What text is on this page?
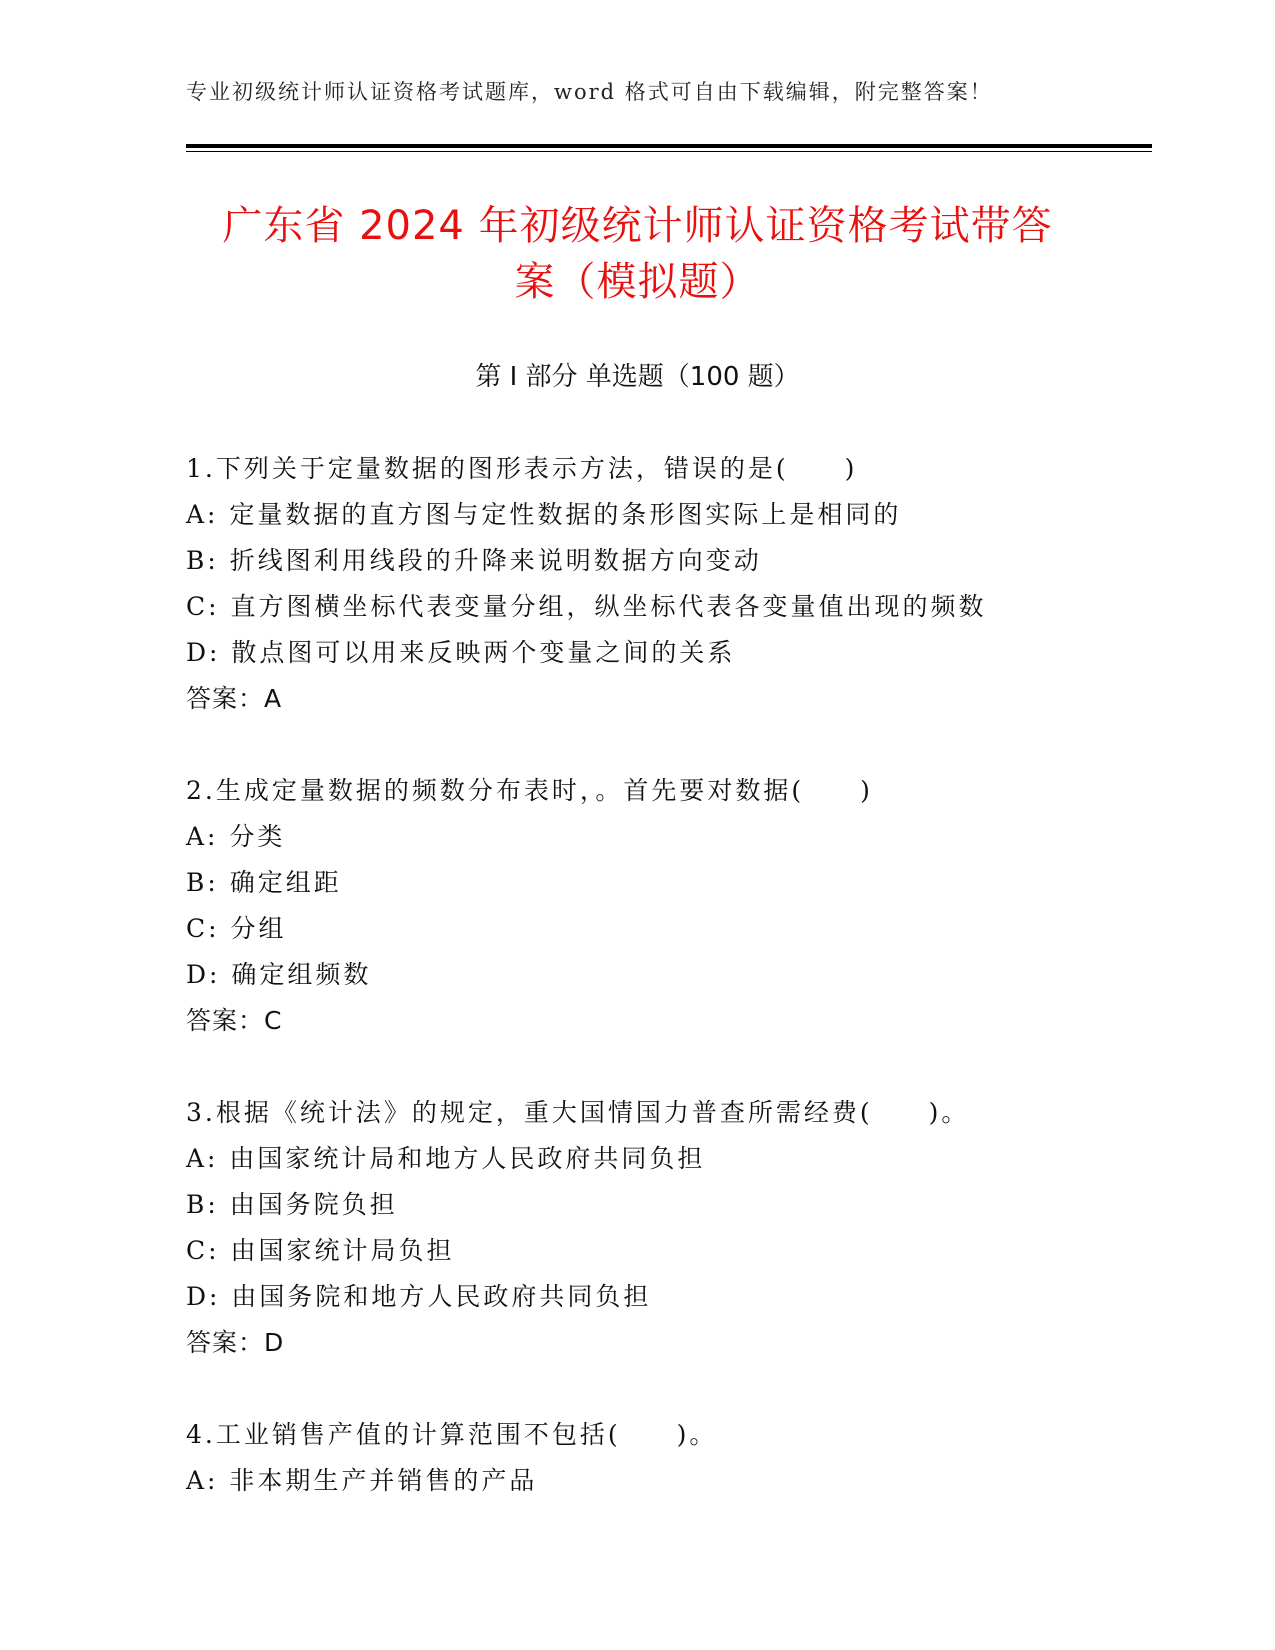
专业初级统计师认证资格考试题库，word 格式可自由下载编辑，附完整答案！
广东省 2024 年初级统计师认证资格考试带答
案（模拟题）
第 I 部分 单选题（100 题）
1.下列关于定量数据的图形表示方法，错误的是(　　)
A: 定量数据的直方图与定性数据的条形图实际上是相同的
B: 折线图利用线段的升降来说明数据方向变动
C: 直方图横坐标代表变量分组，纵坐标代表各变量值出现的频数
D: 散点图可以用来反映两个变量之间的关系
答案：A
2.生成定量数据的频数分布表时，。首先要对数据(　　)
A: 分类
B: 确定组距
C: 分组
D: 确定组频数
答案：C
3.根据《统计法》的规定，重大国情国力普查所需经费(　　)。
A: 由国家统计局和地方人民政府共同负担
B: 由国务院负担
C: 由国家统计局负担
D: 由国务院和地方人民政府共同负担
答案：D
4.工业销售产值的计算范围不包括(　　)。
A: 非本期生产并销售的产品
